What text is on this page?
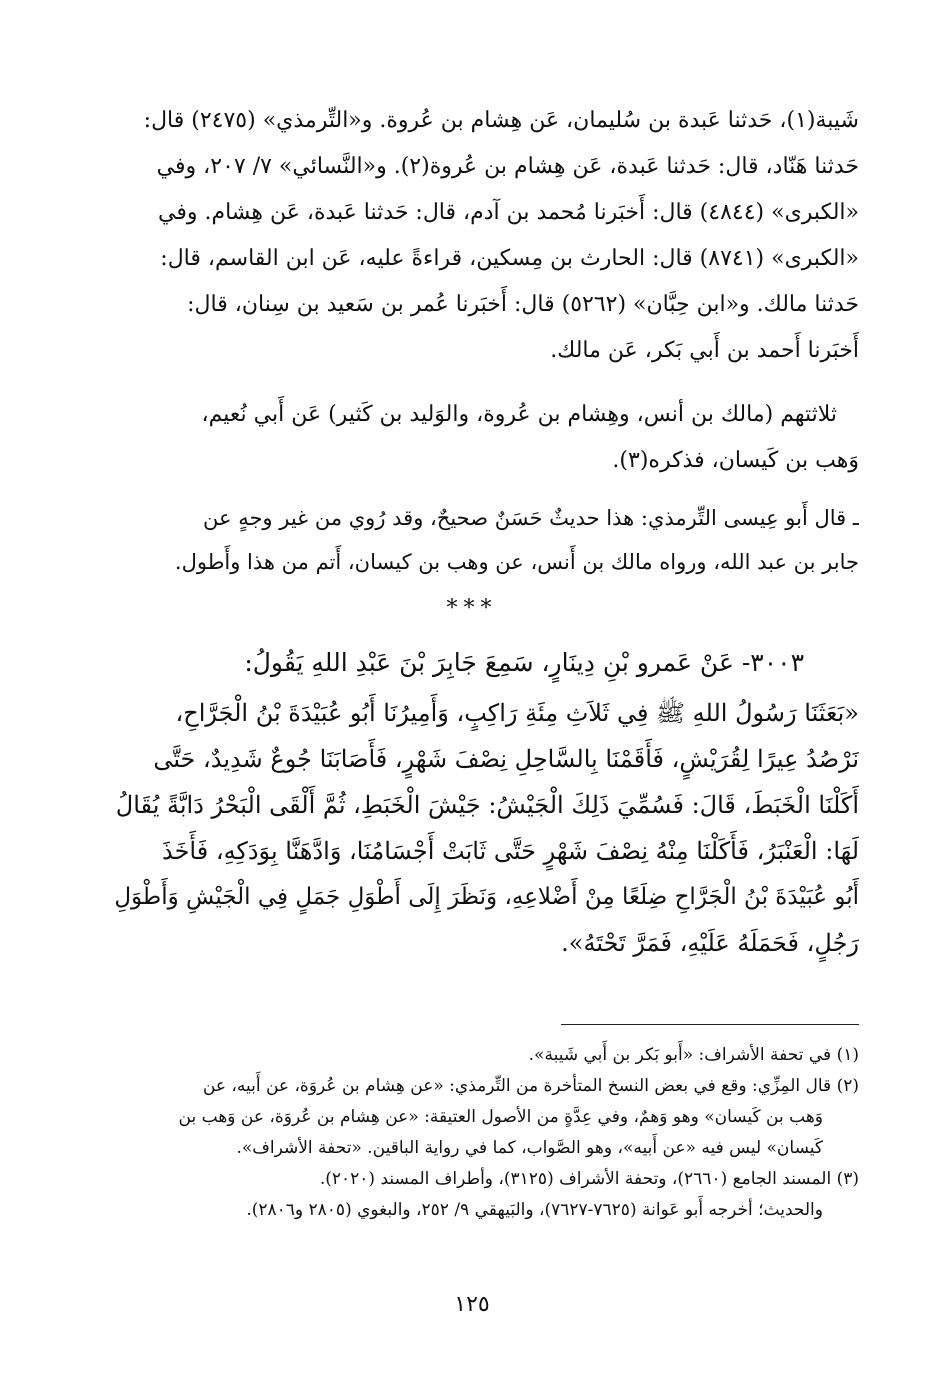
شَيبة(١)، حَدثنا عَبدة بن سُليمان، عَن هِشام بن عُروة. و«التِّرمذي» (٢٤٧٥) قال:
حَدثنا هَنّاد، قال: حَدثنا عَبدة، عَن هِشام بن عُروة(٢). و«النَّسائي» ٧/ ٢٠٧، وفي
«الكبرى» (٤٨٤٤) قال: أَخبَرنا مُحمد بن آدم، قال: حَدثنا عَبدة، عَن هِشام. وفي
«الكبرى» (٨٧٤١) قال: الحارث بن مِسكين، قراءةً عليه، عَن ابن القاسم، قال:
حَدثنا مالك. و«ابن حِبَّان» (٥٢٦٢) قال: أَخبَرنا عُمر بن سَعيد بن سِنان، قال:
أَخبَرنا أَحمد بن أَبي بَكر، عَن مالك.
ثلاثتهم (مالك بن أنس، وهِشام بن عُروة، والوَليد بن كَثير) عَن أَبي نُعيم،
وَهب بن كَيسان، فذكره(٣).
ـ قال أَبو عِيسى التِّرمذي: هذا حديثٌ حَسَنٌ صحيحٌ، وقد رُوي من غير وجهٍ عن
جابر بن عبد الله، ورواه مالك بن أَنس، عن وهب بن كيسان، أَتم من هذا وأَطول.
***
٣٠٠٣- عَنْ عَمرو بْنِ دِينَارٍ، سَمِعَ جَابِرَ بْنَ عَبْدِ اللهِ يَقُولُ:
«بَعَثَنَا رَسُولُ اللهِ ﷺ فِي ثَلاَثِ مِئَةِ رَاكِبٍ، وَأَمِيرُنَا أَبُو عُبَيْدَةَ بْنُ الْجَرَّاحِ،
نَرْصُدُ عِيرًا لِقُرَيْشٍ، فَأَقَمْنَا بِالسَّاحِلِ نِصْفَ شَهْرٍ، فَأَصَابَنَا جُوعٌ شَدِيدٌ، حَتَّى
أَكَلْنَا الْخَبَطَ، قَالَ: فَسُمِّيَ ذَلِكَ الْجَيْشُ: جَيْشَ الْخَبَطِ، ثُمَّ أَلْقَى الْبَحْرُ دَابَّةً يُقَالُ
لَهَا: الْعَنْبَرُ، فَأَكَلْنَا مِنْهُ نِصْفَ شَهْرٍ حَتَّى ثَابَتْ أَجْسَامُنَا، وَادَّهَنَّا بِوَدَكِهِ، فَأَخَذَ
أَبُو عُبَيْدَةَ بْنُ الْجَرَّاحِ ضِلَعًا مِنْ أَضْلاعِهِ، وَنَظَرَ إِلَى أَطْوَلِ جَمَلٍ فِي الْجَيْشِ وَأَطْوَلِ
رَجُلٍ، فَحَمَلَهُ عَلَيْهِ، فَمَرَّ تَحْتَهُ».
(١) في تحفة الأشراف: «أَبو بَكر بن أَبي شَيبة».
(٢) قال المِزِّي: وقع في بعض النسخ المتأخرة من التِّرمذي: «عن هِشام بن عُروَة، عن أَبيه، عن
وَهب بن كَيسان» وهو وَهمٌ، وفي عِدَّةٍ من الأصول العتيقة: «عن هِشام بن عُروَة، عن وَهب بن
كَيسان» ليس فيه «عن أَبيه»، وهو الصَّواب، كما في رواية الباقين. «تحفة الأشراف».
(٣) المسند الجامع (٢٦٦٠)، وتحفة الأشراف (٣١٢٥)، وأطراف المسند (٢٠٢٠).
والحديث؛ أخرجه أَبو عَوانة (٧٦٢٥-٧٦٢٧)، والبَيهقي ٩/ ٢٥٢، والبغوي (٢٨٠٥ و٢٨٠٦).
١٢٥
